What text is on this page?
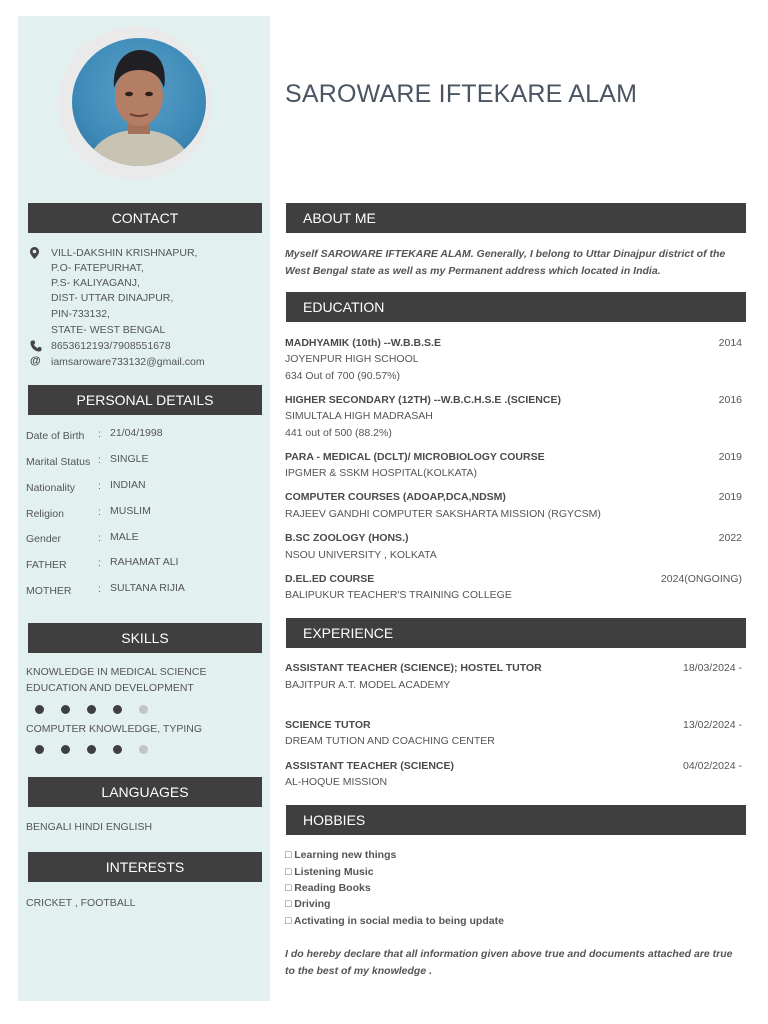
CONTACT
VILL-DAKSHIN KRISHNAPUR,
P.O- FATEPURHAT,
P.S- KALIYAGANJ,
DIST- UTTAR DINAJPUR,
PIN-733132,
STATE- WEST BENGAL
8653612193/7908551678
@ iamsaroware733132@gmail.com
PERSONAL DETAILS
Date of Birth : 21/04/1998
Marital Status : SINGLE
Nationality : INDIAN
Religion	: MUSLIM
Gender	: MALE
FATHER	: RAHAMAT ALI
MOTHER	: SULTANA RIJIA
SKILLS
KNOWLEDGE IN MEDICAL SCIENCE
EDUCATION AND DEVELOPMENT
COMPUTER KNOWLEDGE, TYPING
LANGUAGES
BENGALI HINDI ENGLISH
INTERESTS
CRICKET , FOOTBALL
SAROWARE IFTEKARE ALAM
ABOUT ME
Myself SAROWARE IFTEKARE ALAM. Generally, I belong to Uttar Dinajpur district of the West Bengal state as well as my Permanent address which located in India.
EDUCATION
MADHYAMIK (10th) --W.B.B.S.E	2014
JOYENPUR HIGH SCHOOL
634 Out of 700 (90.57%)
HIGHER SECONDARY (12TH) --W.B.C.H.S.E .(SCIENCE)	2016
SIMULTALA HIGH MADRASAH
441 out of 500 (88.2%)
PARA - MEDICAL (DCLT)/ MICROBIOLOGY COURSE	2019
IPGMER & SSKM HOSPITAL(KOLKATA)
COMPUTER COURSES (ADOAP,DCA,NDSM)	2019
RAJEEV GANDHI COMPUTER SAKSHARTA MISSION (RGYCSM)
B.SC ZOOLOGY (HONS.)	2022
NSOU UNIVERSITY , KOLKATA
D.EL.ED COURSE	2024(ONGOING)
BALIPUKUR TEACHER'S TRAINING COLLEGE
EXPERIENCE
ASSISTANT TEACHER (SCIENCE); HOSTEL TUTOR	18/03/2024 -
BAJITPUR A.T. MODEL ACADEMY
SCIENCE TUTOR	13/02/2024 -
DREAM TUTION AND COACHING CENTER
ASSISTANT TEACHER (SCIENCE)	04/02/2024 -
AL-HOQUE MISSION
HOBBIES
□ Learning new things
□ Listening Music
□ Reading Books
□ Driving
□ Activating in social media to being update
I do hereby declare that all information given above true and documents attached are true to the best of my knowledge .
